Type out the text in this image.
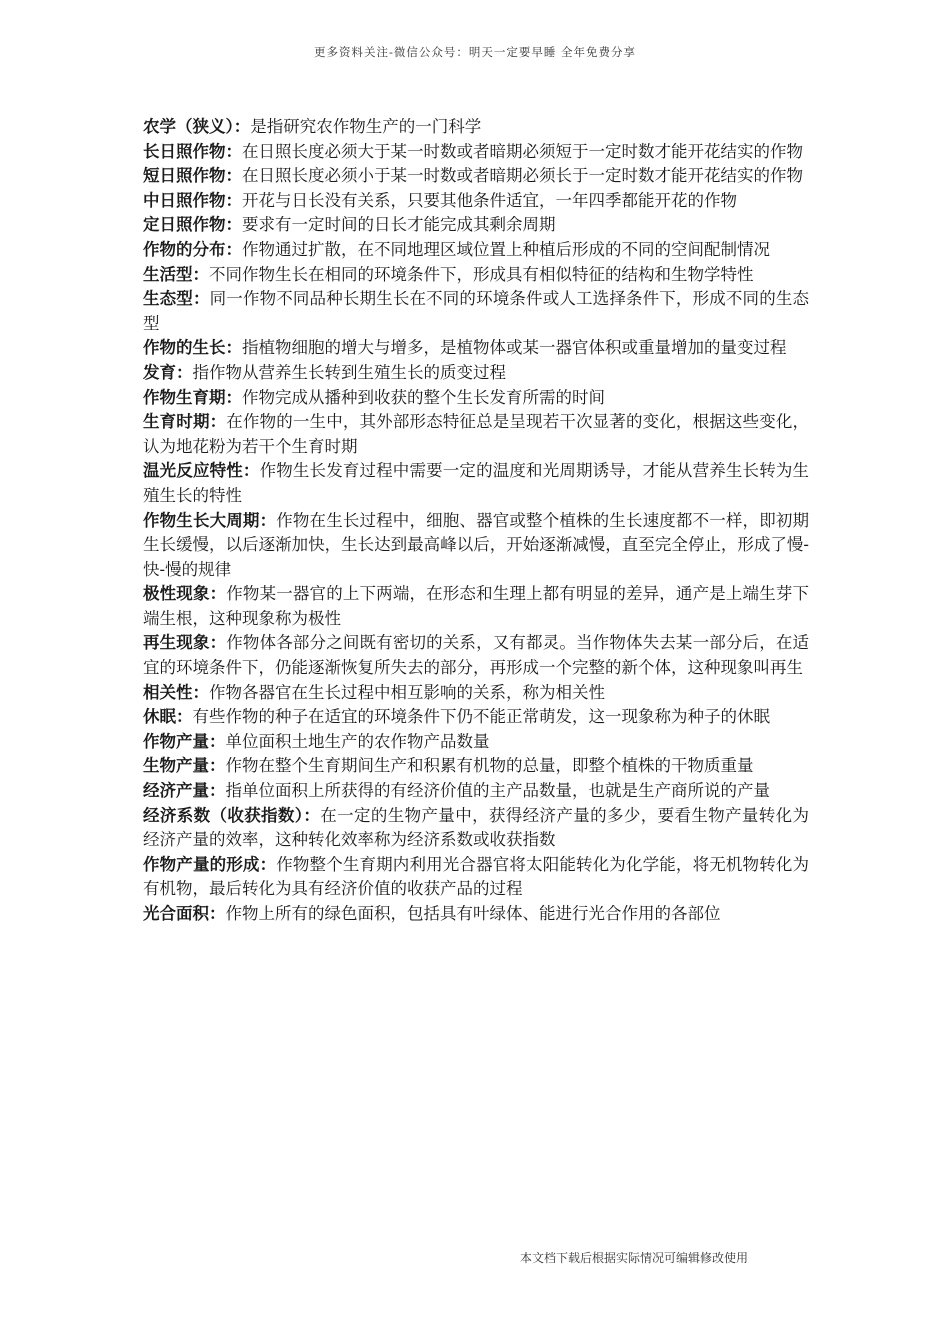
更多资料关注-微信公众号：明天一定要早睡 全年免费分享

农学（狭义）：是指研究农作物生产的一门科学

长日照作物：在日照长度必须大于某一时数或者暗期必须短于一定时数才能开花结实的作物

短日照作物：在日照长度必须小于某一时数或者暗期必须长于一定时数才能开花结实的作物

中日照作物：开花与日长没有关系，只要其他条件适宜，一年四季都能开花的作物

定日照作物：要求有一定时间的日长才能完成其剩余周期

作物的分布：作物通过扩散，在不同地理区域位置上种植后形成的不同的空间配制情况

生活型：不同作物生长在相同的环境条件下，形成具有相似特征的结构和生物学特性

生态型：同一作物不同品种长期生长在不同的环境条件或人工选择条件下，形成不同的生态型

作物的生长：指植物细胞的增大与增多，是植物体或某一器官体积或重量增加的量变过程

发育：指作物从营养生长转到生殖生长的质变过程

作物生育期：作物完成从播种到收获的整个生长发育所需的时间

生育时期：在作物的一生中，其外部形态特征总是呈现若干次显著的变化，根据这些变化，认为地花粉为若干个生育时期

温光反应特性：作物生长发育过程中需要一定的温度和光周期诱导，才能从营养生长转为生殖生长的特性

作物生长大周期：作物在生长过程中，细胞、器官或整个植株的生长速度都不一样，即初期生长缓慢，以后逐渐加快，生长达到最高峰以后，开始逐渐减慢，直至完全停止，形成了慢-快-慢的规律

极性现象：作物某一器官的上下两端，在形态和生理上都有明显的差异，通产是上端生芽下端生根，这种现象称为极性

再生现象：作物体各部分之间既有密切的关系，又有都灵。当作物体失去某一部分后，在适宜的环境条件下，仍能逐渐恢复所失去的部分，再形成一个完整的新个体，这种现象叫再生

相关性：作物各器官在生长过程中相互影响的关系，称为相关性

休眠：有些作物的种子在适宜的环境条件下仍不能正常萌发，这一现象称为种子的休眠

作物产量：单位面积土地生产的农作物产品数量

生物产量：作物在整个生育期间生产和积累有机物的总量，即整个植株的干物质重量

经济产量：指单位面积上所获得的有经济价值的主产品数量，也就是生产商所说的产量

经济系数（收获指数）：在一定的生物产量中，获得经济产量的多少，要看生物产量转化为经济产量的效率，这种转化效率称为经济系数或收获指数

作物产量的形成：作物整个生育期内利用光合器官将太阳能转化为化学能，将无机物转化为有机物，最后转化为具有经济价值的收获产品的过程

光合面积：作物上所有的绿色面积，包括具有叶绿体、能进行光合作用的各部位

本文档下载后根据实际情况可编辑修改使用
